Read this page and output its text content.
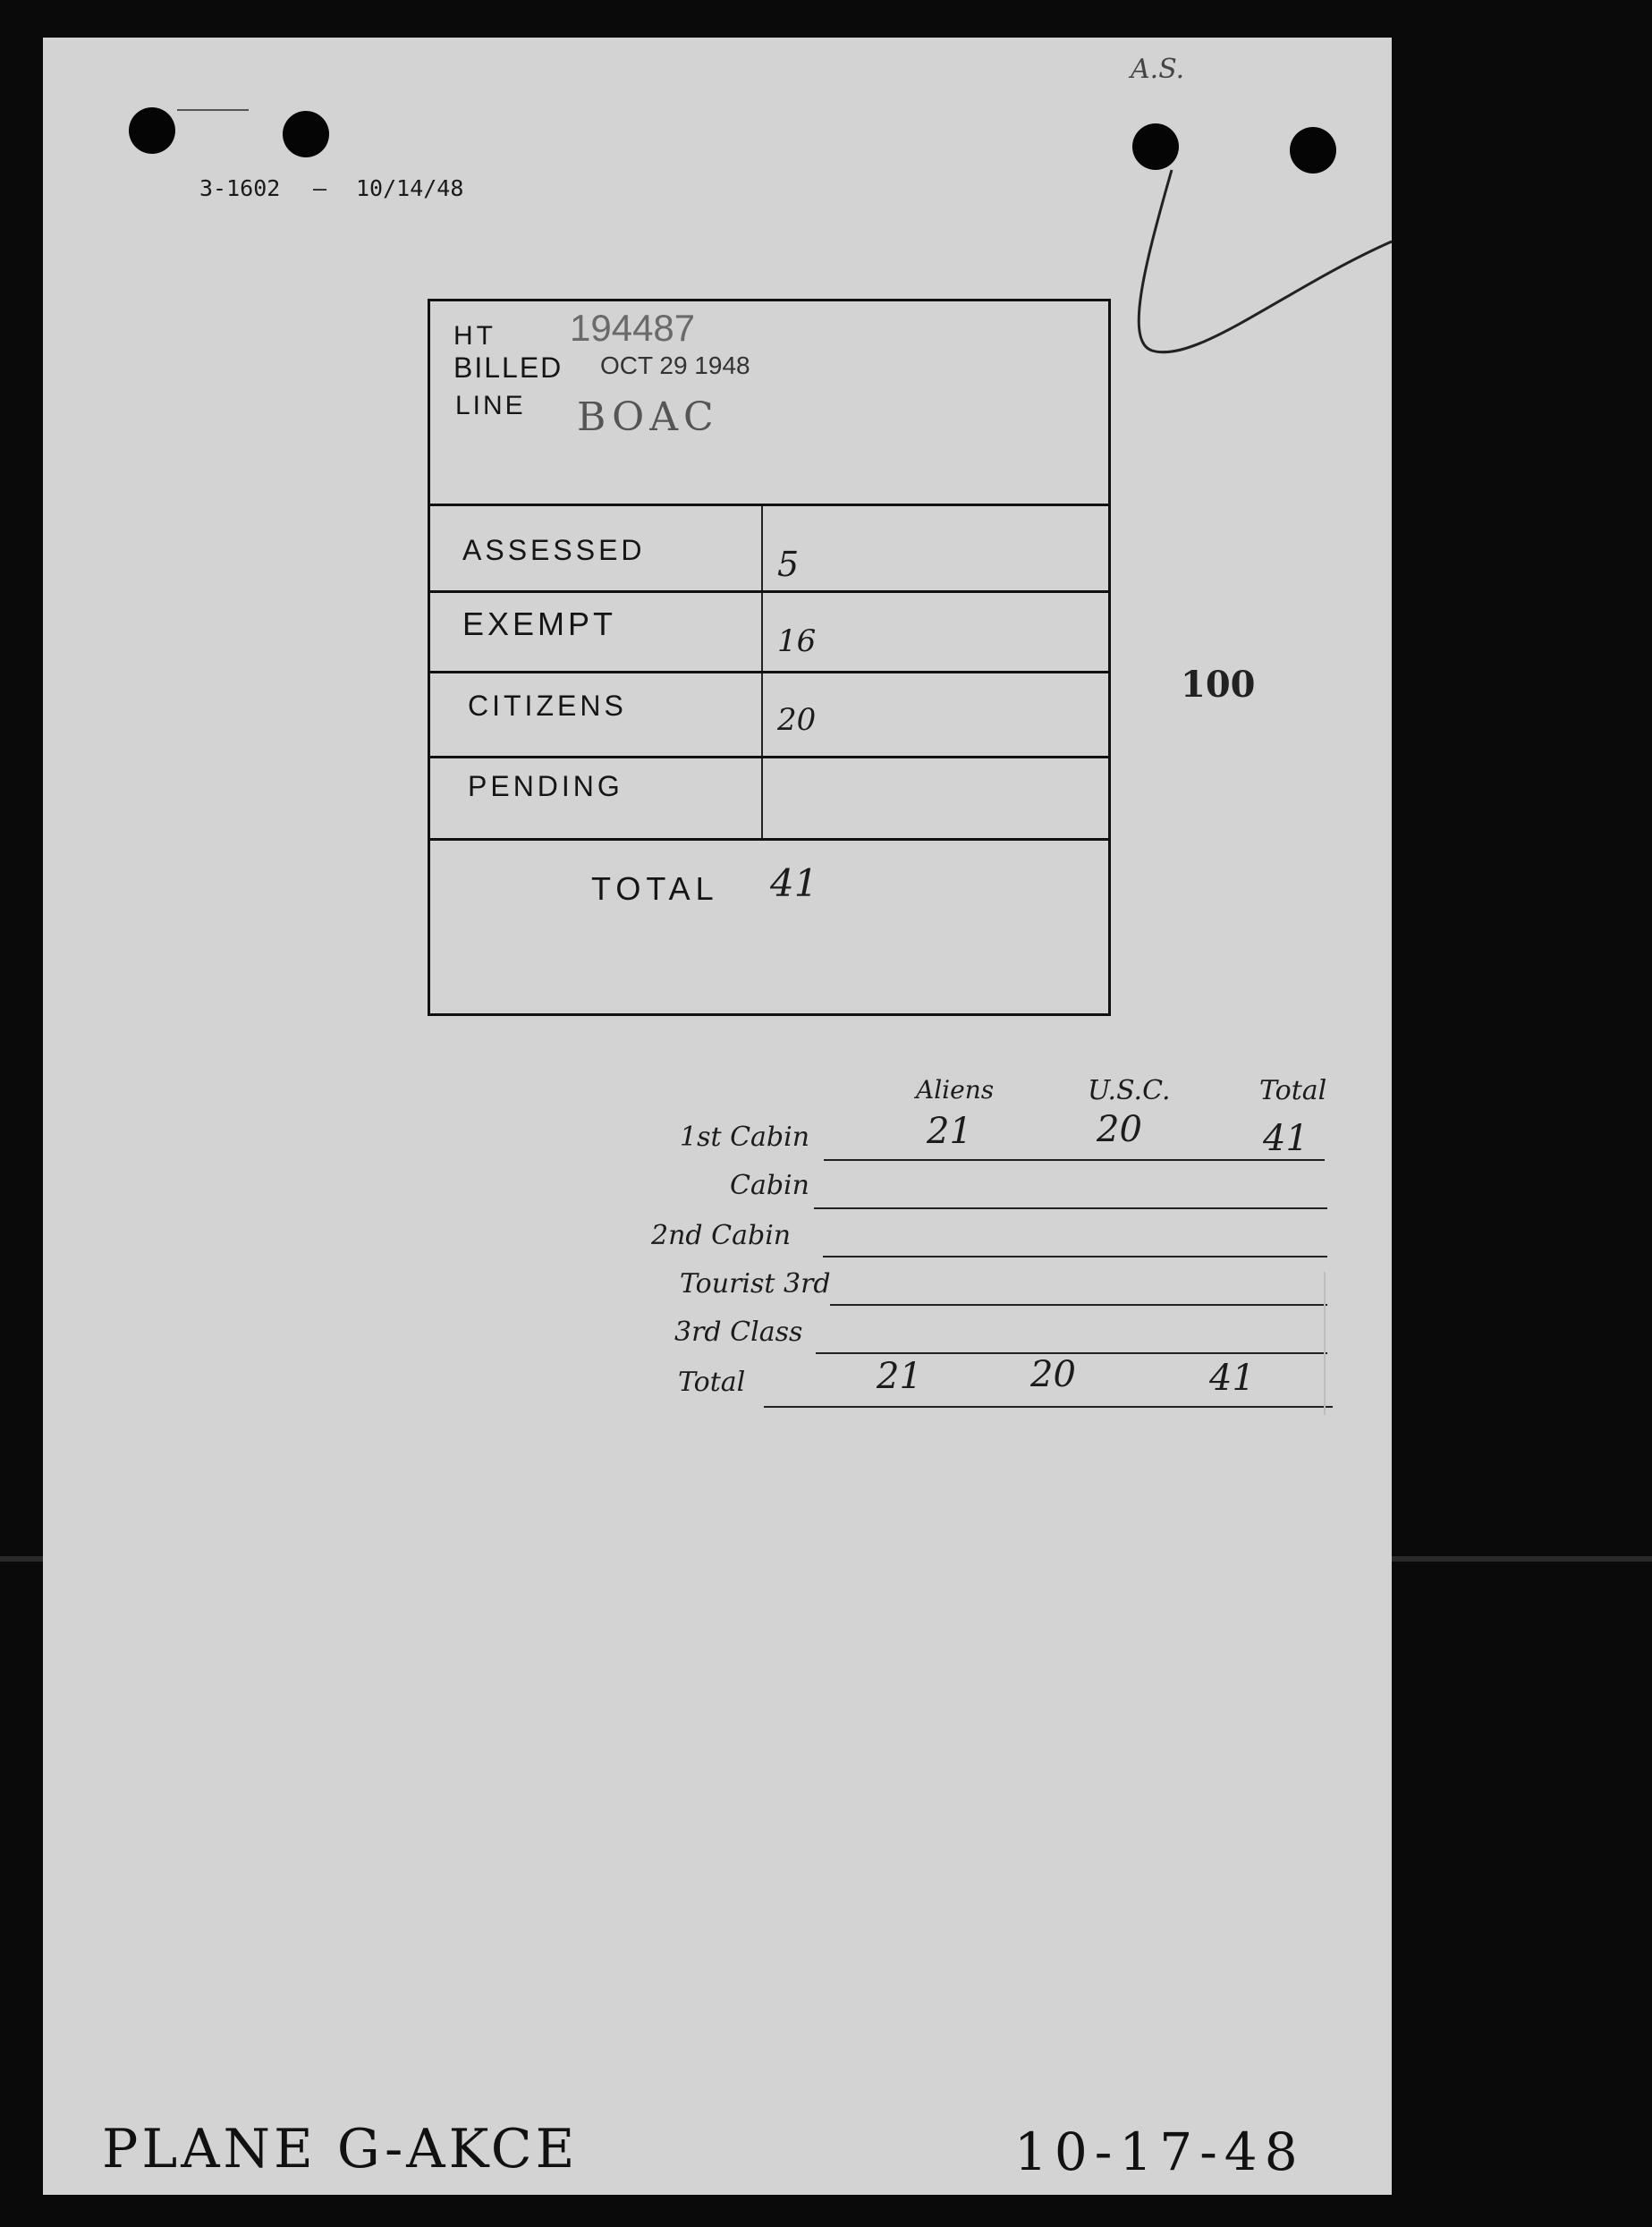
A.S.
3-1602 — 10/14/48
HT 194487
BILLED OCT 29 1948
LINE BOAC
ASSESSED	5
EXEMPT	16
CITIZENS	20
PENDING
TOTAL 41
100
Aliens	U.S.C.	Total
1st Cabin	21	20	41
Cabin
2nd Cabin
Tourist 3rd
3rd Class
Total	21	20	41
PLANE G-AKCE	10-17-48
